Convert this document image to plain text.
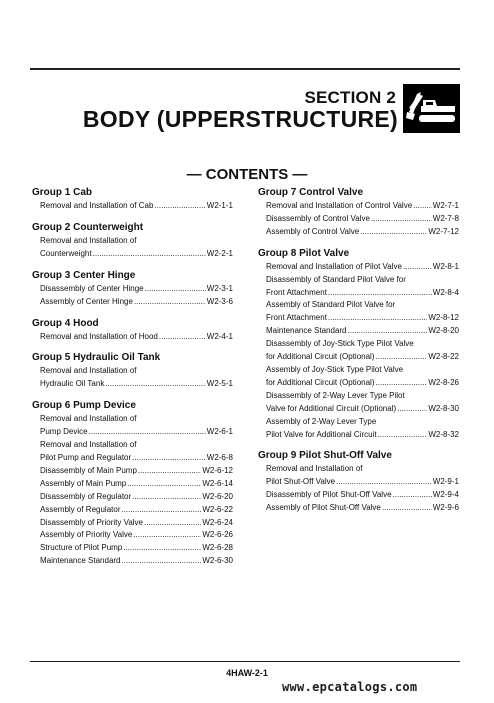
SECTION 2
BODY (UPPERSTRUCTURE)
— CONTENTS —
Group 1 Cab
Removal and Installation of Cab .....	W2-1-1
Group 2 Counterweight
Removal and Installation of
Counterweight .....	W2-2-1
Group 3 Center Hinge
Disassembly of Center Hinge .....	W2-3-1
Assembly of Center Hinge .....	W2-3-6
Group 4 Hood
Removal and Installation of Hood .....	W2-4-1
Group 5 Hydraulic Oil Tank
Removal and Installation of
Hydraulic Oil Tank .....	W2-5-1
Group 6 Pump Device
Removal and Installation of
Pump Device .....	W2-6-1
Removal and Installation of
Pilot Pump and Regulator .....	W2-6-8
Disassembly of Main Pump .....	W2-6-12
Assembly of Main Pump .....	W2-6-14
Disassembly of Regulator .....	W2-6-20
Assembly of Regulator .....	W2-6-22
Disassembly of Priority Valve .....	W2-6-24
Assembly of Priority Valve .....	W2-6-26
Structure of Pilot Pump .....	W2-6-28
Maintenance Standard .....	W2-6-30
Group 7 Control Valve
Removal and Installation of Control Valve .....	W2-7-1
Disassembly of Control Valve .....	W2-7-8
Assembly of Control Valve .....	W2-7-12
Group 8 Pilot Valve
Removal and Installation of Pilot Valve .....	W2-8-1
Disassembly of Standard Pilot Valve for
Front Attachment .....	W2-8-4
Assembly of Standard Pilot Valve for
Front Attachment .....	W2-8-12
Maintenance Standard .....	W2-8-20
Disassembly of Joy-Stick Type Pilot Valve
for Additional Circuit (Optional) .....	W2-8-22
Assembly of Joy-Stick Type Pilot Valve
for Additional Circuit (Optional) .....	W2-8-26
Disassembly of 2-Way Lever Type Pilot
Valve for Additional Circuit (Optional) .....	W2-8-30
Assembly of 2-Way Lever Type
Pilot Valve for Additional Circuit .....	W2-8-32
Group 9 Pilot Shut-Off Valve
Removal and Installation of
Pilot Shut-Off Valve .....	W2-9-1
Disassembly of Pilot Shut-Off Valve .....	W2-9-4
Assembly of Pilot Shut-Off Valve .....	W2-9-6
4HAW-2-1
www.epcatalogs.com
